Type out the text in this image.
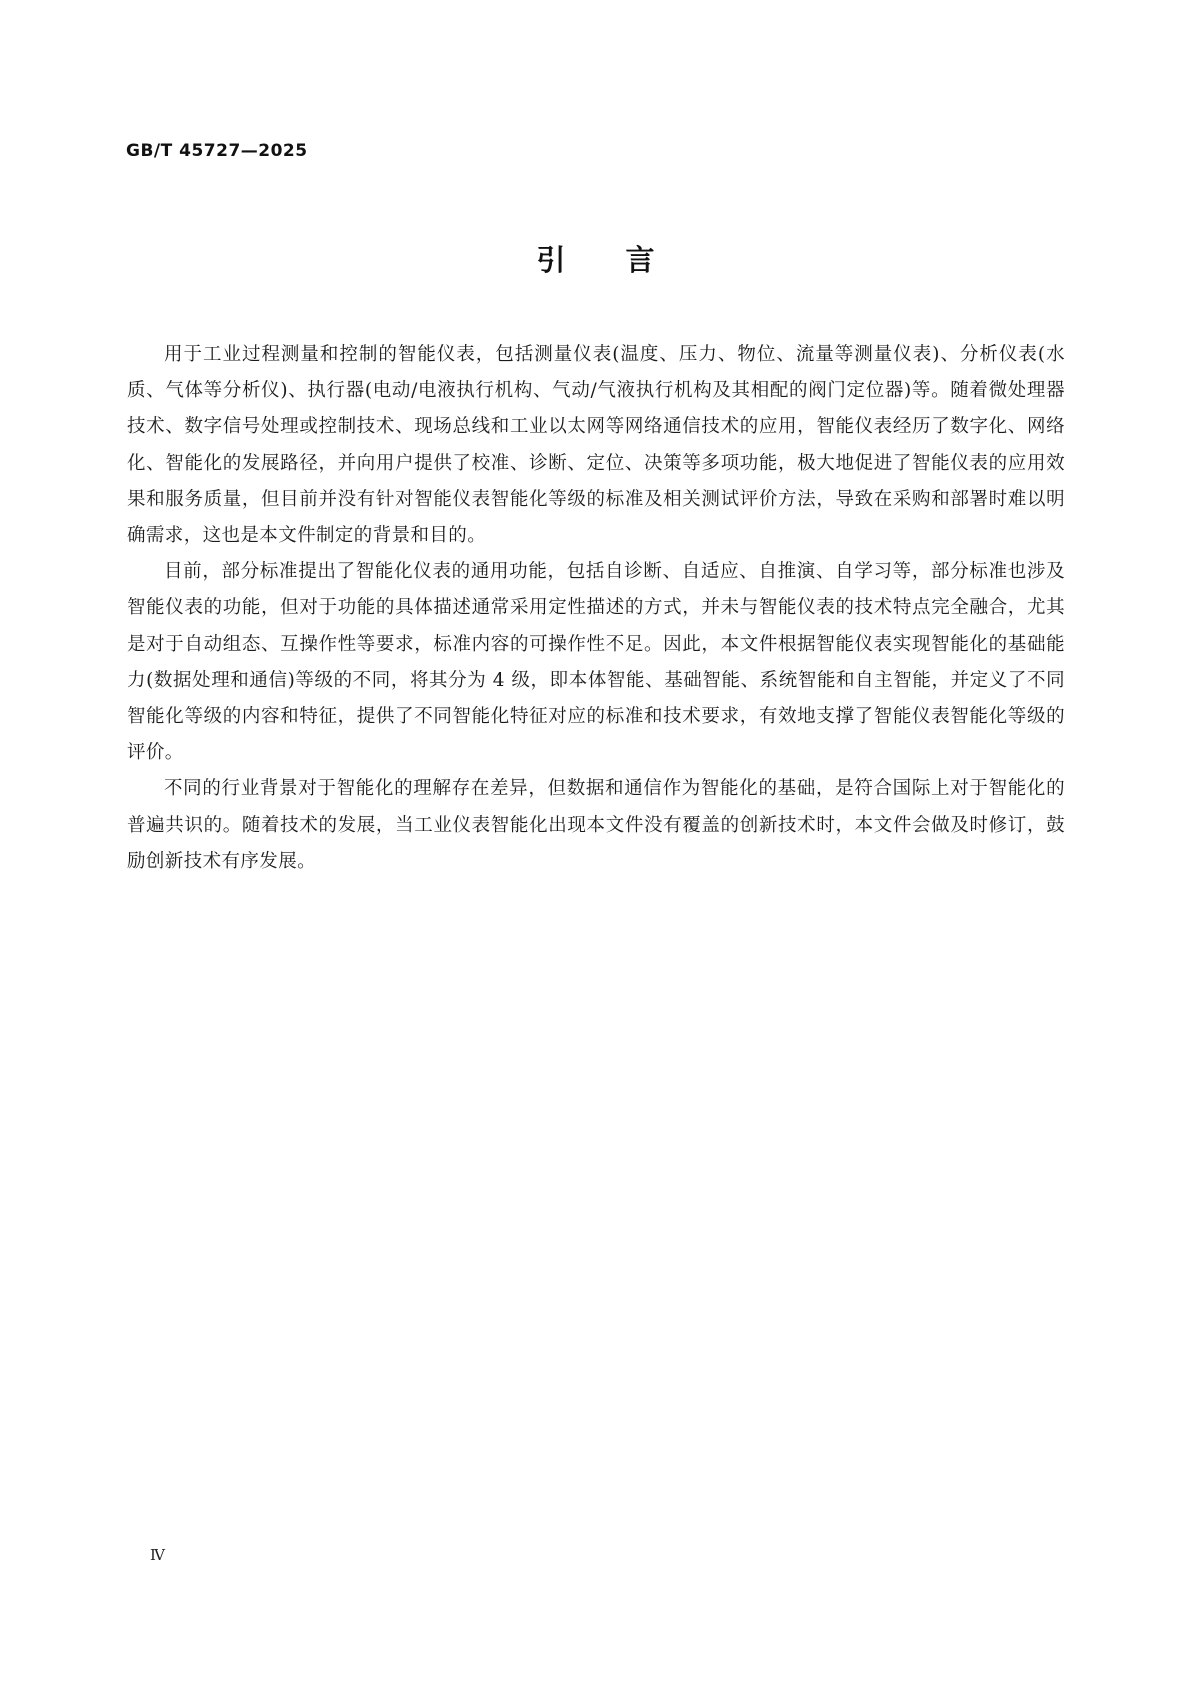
GB/T 45727—2025
引言

用于工业过程测量和控制的智能仪表，包括测量仪表(温度、压力、物位、流量等测量仪表)、分析仪表(水质、气体等分析仪)、执行器(电动/电液执行机构、气动/气液执行机构及其相配的阀门定位器)等。随着微处理器技术、数字信号处理或控制技术、现场总线和工业以太网等网络通信技术的应用，智能仪表经历了数字化、网络化、智能化的发展路径，并向用户提供了校准、诊断、定位、决策等多项功能，极大地促进了智能仪表的应用效果和服务质量，但目前并没有针对智能仪表智能化等级的标准及相关测试评价方法，导致在采购和部署时难以明确需求，这也是本文件制定的背景和目的。

目前，部分标准提出了智能化仪表的通用功能，包括自诊断、自适应、自推演、自学习等，部分标准也涉及智能仪表的功能，但对于功能的具体描述通常采用定性描述的方式，并未与智能仪表的技术特点完全融合，尤其是对于自动组态、互操作性等要求，标准内容的可操作性不足。因此，本文件根据智能仪表实现智能化的基础能力(数据处理和通信)等级的不同，将其分为 4 级，即本体智能、基础智能、系统智能和自主智能，并定义了不同智能化等级的内容和特征，提供了不同智能化特征对应的标准和技术要求，有效地支撑了智能仪表智能化等级的评价。

不同的行业背景对于智能化的理解存在差异，但数据和通信作为智能化的基础，是符合国际上对于智能化的普遍共识的。随着技术的发展，当工业仪表智能化出现本文件没有覆盖的创新技术时，本文件会做及时修订，鼓励创新技术有序发展。

Ⅳ
